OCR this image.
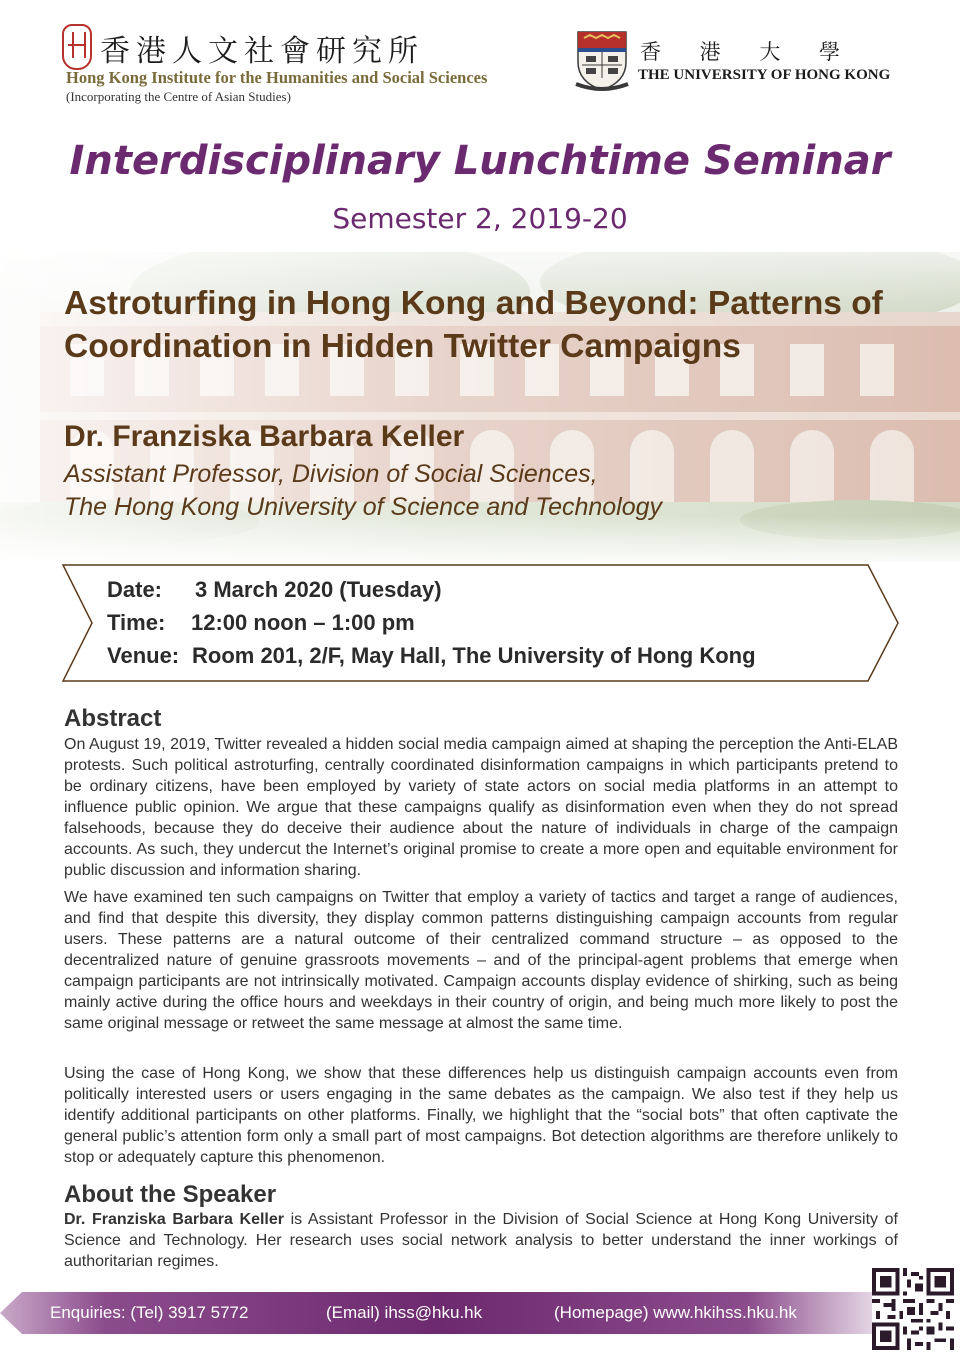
香港人文社會研究所
Hong Kong Institute for the Humanities and Social Sciences
(Incorporating the Centre of Asian Studies)
香 港 大 學
THE UNIVERSITY OF HONG KONG
Interdisciplinary Lunchtime Seminar
Semester 2, 2019-20
Astroturfing in Hong Kong and Beyond: Patterns of Coordination in Hidden Twitter Campaigns
Dr. Franziska Barbara Keller
Assistant Professor, Division of Social Sciences,
The Hong Kong University of Science and Technology
Date: 3 March 2020 (Tuesday)
Time: 12:00 noon – 1:00 pm
Venue: Room 201, 2/F, May Hall, The University of Hong Kong
Abstract
On August 19, 2019, Twitter revealed a hidden social media campaign aimed at shaping the perception the Anti-ELAB protests. Such political astroturfing, centrally coordinated disinformation campaigns in which participants pretend to be ordinary citizens, have been employed by variety of state actors on social media platforms in an attempt to influence public opinion. We argue that these campaigns qualify as disinformation even when they do not spread falsehoods, because they do deceive their audience about the nature of individuals in charge of the campaign accounts. As such, they undercut the Internet’s original promise to create a more open and equitable environment for public discussion and information sharing.
We have examined ten such campaigns on Twitter that employ a variety of tactics and target a range of audiences, and find that despite this diversity, they display common patterns distinguishing campaign accounts from regular users. These patterns are a natural outcome of their centralized command structure – as opposed to the decentralized nature of genuine grassroots movements – and of the principal-agent problems that emerge when campaign participants are not intrinsically motivated. Campaign accounts display evidence of shirking, such as being mainly active during the office hours and weekdays in their country of origin, and being much more likely to post the same original message or retweet the same message at almost the same time.
Using the case of Hong Kong, we show that these differences help us distinguish campaign accounts even from politically interested users or users engaging in the same debates as the campaign. We also test if they help us identify additional participants on other platforms. Finally, we highlight that the “social bots” that often captivate the general public’s attention form only a small part of most campaigns. Bot detection algorithms are therefore unlikely to stop or adequately capture this phenomenon.
About the Speaker
Dr. Franziska Barbara Keller is Assistant Professor in the Division of Social Science at Hong Kong University of Science and Technology. Her research uses social network analysis to better understand the inner workings of authoritarian regimes.
Enquiries: (Tel) 3917 5772	(Email) ihss@hku.hk	(Homepage) www.hkihss.hku.hk
